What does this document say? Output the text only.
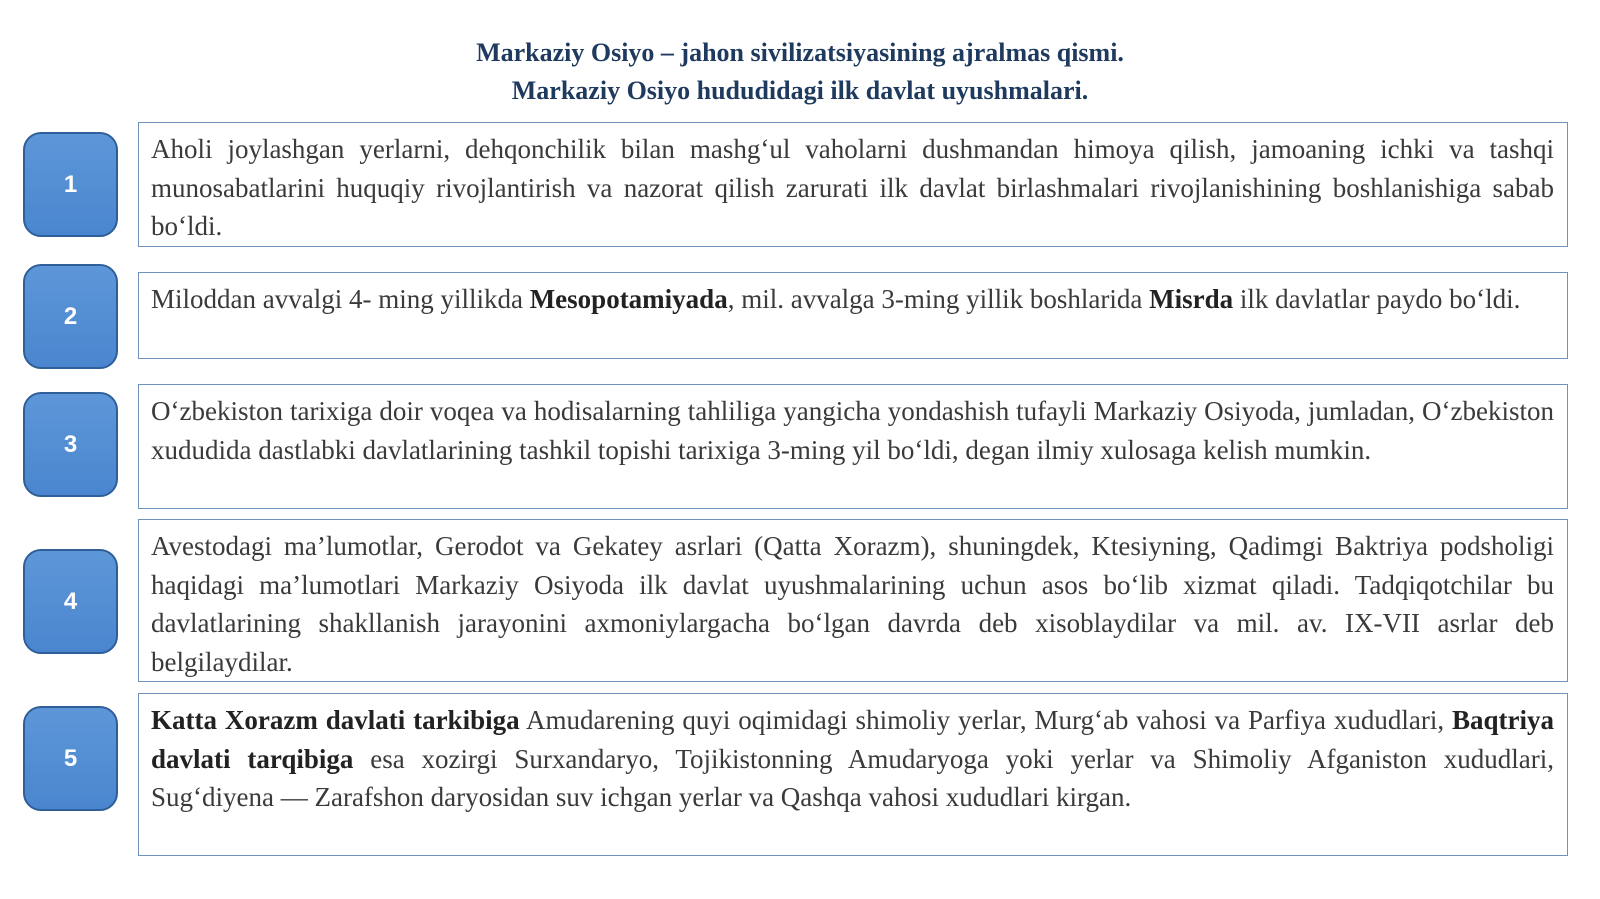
Markaziy Osiyo – jahon sivilizatsiyasining ajralmas qismi.
Markaziy Osiyo hududidagi ilk davlat uyushmalari.
1
Aholi joylashgan yerlarni, dehqonchilik bilan mashg‘ul vaholarni dushmandan himoya qilish, jamoaning ichki va tashqi munosabatlarini huquqiy rivojlantirish va nazorat qilish zarurati ilk davlat birlashmalari rivojlanishining boshlanishiga sabab bo‘ldi.
2
Miloddan avvalgi 4- ming yillikda Mesopotamiyada, mil. avvalga 3-ming yillik boshlarida Misrda ilk davlatlar paydo bo‘ldi.
3
O‘zbekiston tarixiga doir voqea va hodisalarning tahliliga yangicha yondashish tufayli Markaziy Osiyoda, jumladan, O‘zbekiston xududida dastlabki davlatlarining tashkil topishi tarixiga 3-ming yil bo‘ldi, degan ilmiy xulosaga kelish mumkin.
4
Avestodagi ma’lumotlar, Gerodot va Gekatey asrlari (Qatta Xorazm), shuningdek, Ktesiyning, Qadimgi Baktriya podsholigi haqidagi ma’lumotlari Markaziy Osiyoda ilk davlat uyushmalarining uchun asos bo‘lib xizmat qiladi. Tadqiqotchilar bu davlatlarining shakllanish jarayonini axmoniylargacha bo‘lgan davrda deb xisoblaydilar va mil. av. IX-VII asrlar deb belgilaydilar.
5
Katta Xorazm davlati tarkibiga Amudarening quyi oqimidagi shimoliy yerlar, Murg‘ab vahosi va Parfiya xududlari, Baqtriya davlati tarqibiga esa xozirgi Surxandaryo, Tojikistonning Amudaryoga yoki yerlar va Shimoliy Afganiston xududlari, Sug‘diyena — Zarafshon daryosidan suv ichgan yerlar va Qashqa vahosi xududlari kirgan.
